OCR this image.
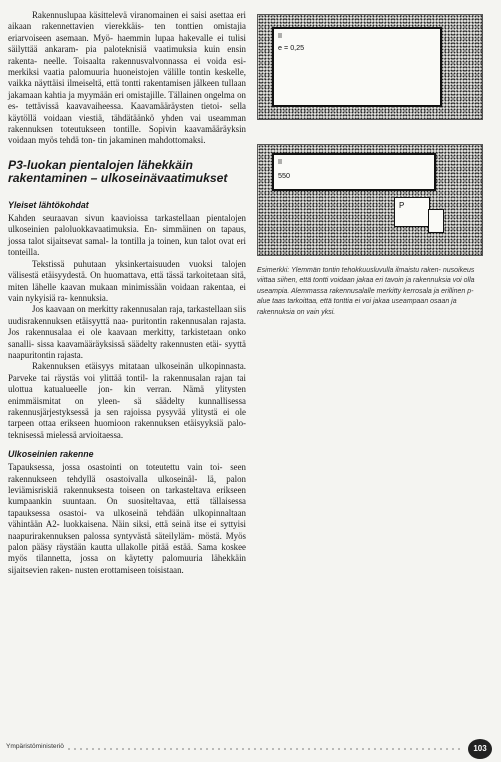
Rakennuslupaa käsittelevä viranomainen ei saisi asettaa eri aikaan rakennettavien vierekkäis- ten tonttien omistajia eriarvoiseen asemaan. Myö- haemmin lupaa hakevalle ei tulisi säilyttää ankaram- pia paloteknisiä vaatimuksia kuin ensin rakenta- neelle. Toisaalta rakennusvalvonnassa ei voida esi- merkiksi vaatia palomuuria huoneistojen välille tontin keskelle, vaikka näyttäisi ilmeiseltä, että tontti rakentamisen jälkeen tullaan jakamaan kahtia ja myymään eri omistajille. Tällainen ongelma on es- tettävissä kaavavaiheessa. Kaavamääräysten tietoi- sella käytöllä voidaan viestiä, tähdätäänkö yhden vai useamman rakennuksen toteutukseen tontille. Sopivin kaavamääräyksin voidaan myös tehdä ton- tin jakaminen mahdottomaksi.

P3-luokan pientalojen lähekkäin rakentaminen – ulkoseinävaatimukset
Yleiset lähtökohdat

Kahden seuraavan sivun kaavioissa tarkastellaan pientalojen ulkoseinien paloluokkavaatimuksia. En- simmäinen on tapaus, jossa talot sijaitsevat samal- la tontilla ja toinen, kun talot ovat eri tonteilla.

Tekstissä puhutaan yksinkertaisuuden vuoksi talojen välisestä etäisyydestä. On huomattava, että tässä tarkoitetaan sitä, miten lähelle kaavan mukaan minimissään voidaan rakentaa, ei vain nykyisiä ra- kennuksia.

Jos kaavaan on merkitty rakennusalan raja, tarkastellaan siis uudisrakennuksen etäisyyttä naa- puritontin rakennusalan rajasta. Jos rakennusalaa ei ole kaavaan merkitty, tarkistetaan onko sanalli- sissa kaavamääräyksissä säädelty rakennusten etäi- syyttä naapuritontin rajasta.

Rakennuksen etäisyys mitataan ulkoseinän ulkopinnasta. Parveke tai räystäs voi ylittää tontil- la rakennusalan rajan tai ulottua katualueelle jon- kin verran. Nämä ylitysten enimmäismitat on yleen- sä säädelty kunnallisessa rakennusjärjestyksessä ja sen rajoissa pysyvää ylitystä ei ole tarpeen ottaa erikseen huomioon rakennuksen etäisyyksiä palo- teknisessä mielessä arvioitaessa.

Ulkoseinien rakenne

Tapauksessa, jossa osastointi on toteutettu vain toi- seen rakennukseen tehdyllä osastoivalla ulkoseinäl- lä, palon leviämisriskiä rakennuksesta toiseen on tarkasteltava erikseen kumpaankin suuntaan. On suositeltavaa, että tällaisessa tapauksessa osastoi- va ulkoseinä tehdään ulkopinnaltaan vähintään A2- luokkaisena. Näin siksi, että seinä itse ei syttyisi naapurirakennuksen palossa syntyvästä säteilyläm- möstä. Myös palon pääsy räystään kautta ullakolle pitää estää. Sama koskee myös tilannetta, jossa on käytetty palomuuria lähekkäin sijaitsevien raken- nusten erottamiseen toisistaan.

II
e = 0,25
II
550
P
Esimerkki: Ylemmän tontin tehokkuusluvulla ilmaistu raken- nusoikeus viittaa siihen, että tontti voidaan jakaa eri tavoin ja rakennuksia voi olla useampia. Alemmassa rakennusalalle merkitty kerrosala ja erillinen p-alue taas tarkoittaa, että tonttia ei voi jakaa useampaan osaan ja rakennuksia on vain yksi.
Ympäristöministeriö	103
